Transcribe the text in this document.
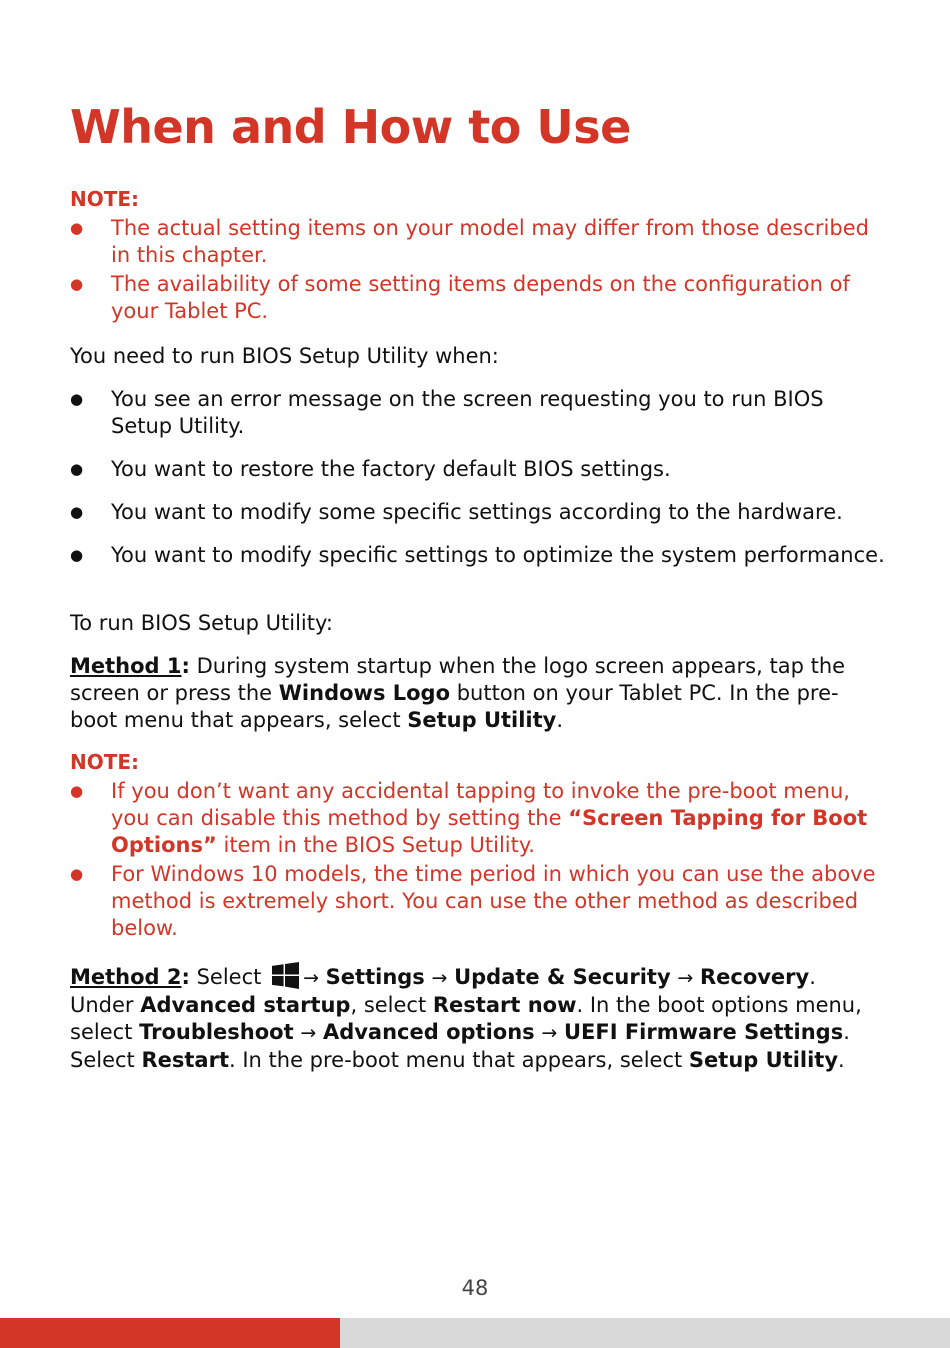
When and How to Use
NOTE:
● The actual setting items on your model may differ from those described in this chapter.
● The availability of some setting items depends on the configuration of your Tablet PC.

You need to run BIOS Setup Utility when:

● You see an error message on the screen requesting you to run BIOS Setup Utility.
● You want to restore the factory default BIOS settings.
● You want to modify some specific settings according to the hardware.
● You want to modify specific settings to optimize the system performance.

To run BIOS Setup Utility:

Method 1: During system startup when the logo screen appears, tap the screen or press the Windows Logo button on your Tablet PC. In the pre-boot menu that appears, select Setup Utility.

NOTE:
● If you don’t want any accidental tapping to invoke the pre-boot menu, you can disable this method by setting the “Screen Tapping for Boot Options” item in the BIOS Setup Utility.
● For Windows 10 models, the time period in which you can use the above method is extremely short. You can use the other method as described below.

Method 2: Select → Settings → Update & Security → Recovery. Under Advanced startup, select Restart now. In the boot options menu, select Troubleshoot → Advanced options → UEFI Firmware Settings. Select Restart. In the pre-boot menu that appears, select Setup Utility.

48
